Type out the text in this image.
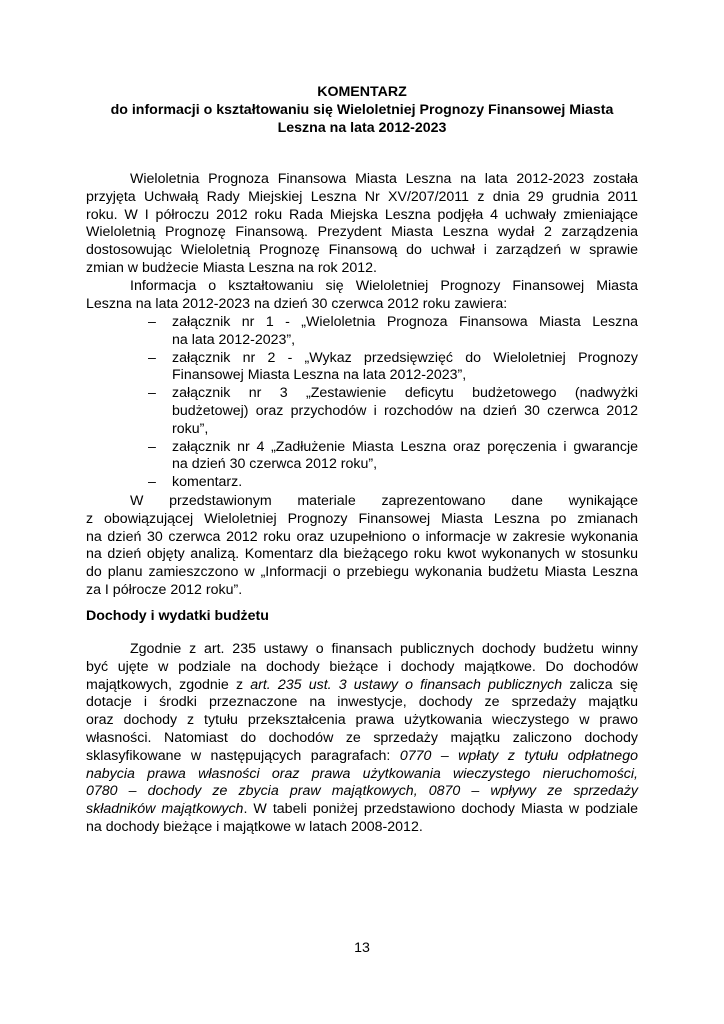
KOMENTARZ
do informacji o kształtowaniu się Wieloletniej Prognozy Finansowej Miasta
Leszna na lata 2012-2023
Wieloletnia Prognoza Finansowa Miasta Leszna na lata 2012-2023 została
przyjęta Uchwałą Rady Miejskiej Leszna Nr XV/207/2011 z dnia 29 grudnia 2011
roku. W I półroczu 2012 roku Rada Miejska Leszna podjęła 4 uchwały zmieniające
Wieloletnią Prognozę Finansową. Prezydent Miasta Leszna wydał 2 zarządzenia
dostosowując Wieloletnią Prognozę Finansową do uchwał i zarządzeń w sprawie
zmian w budżecie Miasta Leszna na rok 2012.
Informacja o kształtowaniu się Wieloletniej Prognozy Finansowej Miasta
Leszna na lata 2012-2023 na dzień 30 czerwca 2012 roku zawiera:
– załącznik nr 1 - „Wieloletnia Prognoza Finansowa Miasta Leszna
na lata 2012-2023”,
– załącznik nr 2 - „Wykaz przedsięwzięć do Wieloletniej Prognozy
Finansowej Miasta Leszna na lata 2012-2023”,
– załącznik nr 3 „Zestawienie deficytu budżetowego (nadwyżki
budżetowej) oraz przychodów i rozchodów na dzień 30 czerwca 2012
roku”,
– załącznik nr 4 „Zadłużenie Miasta Leszna oraz poręczenia i gwarancje
na dzień 30 czerwca 2012 roku”,
– komentarz.
W przedstawionym materiale zaprezentowano dane wynikające
z obowiązującej Wieloletniej Prognozy Finansowej Miasta Leszna po zmianach
na dzień 30 czerwca 2012 roku oraz uzupełniono o informacje w zakresie wykonania
na dzień objęty analizą. Komentarz dla bieżącego roku kwot wykonanych w stosunku
do planu zamieszczono w „Informacji o przebiegu wykonania budżetu Miasta Leszna
za I półrocze 2012 roku”.
Dochody i wydatki budżetu
Zgodnie z art. 235 ustawy o finansach publicznych dochody budżetu winny
być ujęte w podziale na dochody bieżące i dochody majątkowe. Do dochodów
majątkowych, zgodnie z art. 235 ust. 3 ustawy o finansach publicznych zalicza się
dotacje i środki przeznaczone na inwestycje, dochody ze sprzedaży majątku
oraz dochody z tytułu przekształcenia prawa użytkowania wieczystego w prawo
własności. Natomiast do dochodów ze sprzedaży majątku zaliczono dochody
sklasyfikowane w następujących paragrafach: 0770 – wpłaty z tytułu odpłatnego
nabycia prawa własności oraz prawa użytkowania wieczystego nieruchomości,
0780 – dochody ze zbycia praw majątkowych, 0870 – wpływy ze sprzedaży
składników majątkowych. W tabeli poniżej przedstawiono dochody Miasta w podziale
na dochody bieżące i majątkowe w latach 2008-2012.
13
